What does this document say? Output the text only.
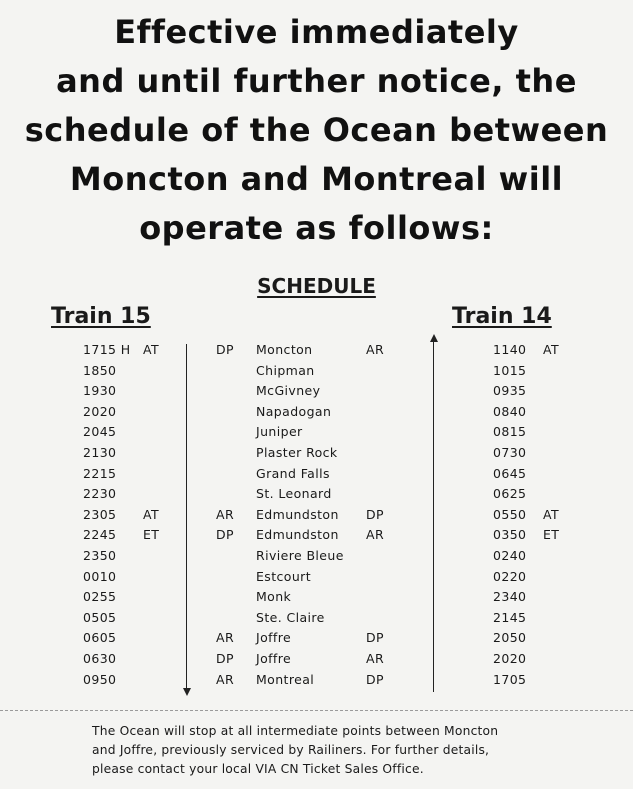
Effective immediately
and until further notice, the
schedule of the Ocean between
Moncton and Montreal will
operate as follows:
SCHEDULE
Train 15	Train 14
1715 H AT	DP Moncton	AR	1140 AT
1850	Chipman	1015
1930	McGivney	0935
2020	Napadogan	0840
2045	Juniper	0815
2130	Plaster Rock	0730
2215	Grand Falls	0645
2230	St. Leonard	0625
2305 AT	AR Edmundston DP	0550 AT
2245 ET	DP Edmundston AR	0350 ET
2350	Riviere Bleue	0240
0010	Estcourt	0220
0255	Monk	2340
0505	Ste. Claire	2145
0605	AR Joffre	DP	2050
0630	DP Joffre	AR	2020
0950	AR Montreal	DP	1705
The Ocean will stop at all intermediate points between Moncton
and Joffre, previously serviced by Railiners. For further details,
please contact your local VIA CN Ticket Sales Office.
